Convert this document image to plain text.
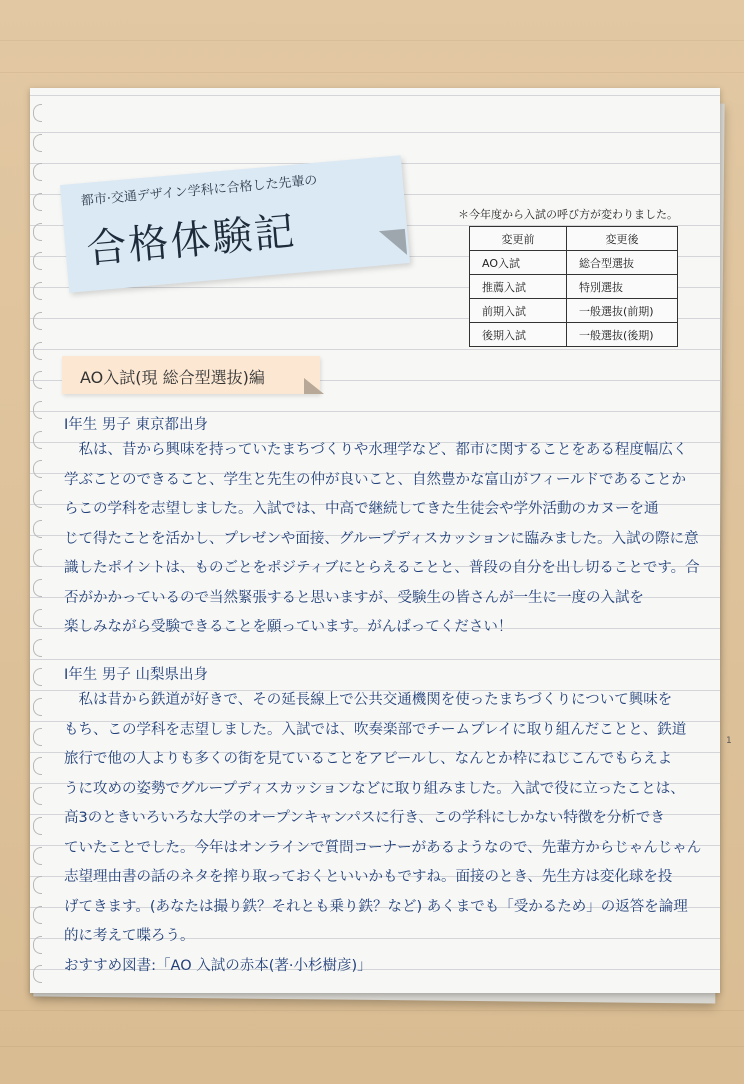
都市·交通デザイン学科に合格した先輩の
合格体験記	＊今年度から入試の呼び方が変わりました。
変更前	変更後
AO入試	総合型選抜
推薦入試	特別選抜
前期入試	一般選抜(前期)
後期入試	一般選抜(後期)
AO入試(現 総合型選抜)編
Ⅰ年生 男子 東京都出身
　私は、昔から興味を持っていたまちづくりや水理学など、都市に関することをある程度幅広く
学ぶことのできること、学生と先生の仲が良いこと、自然豊かな富山がフィールドであることか
らこの学科を志望しました。入試では、中高で継続してきた生徒会や学外活動のカヌーを通
じて得たことを活かし、プレゼンや面接、グループディスカッションに臨みました。入試の際に意
識したポイントは、ものごとをポジティブにとらえることと、普段の自分を出し切ることです。合
否がかかっているので当然緊張すると思いますが、受験生の皆さんが一生に一度の入試を
楽しみながら受験できることを願っています。がんばってください！
Ⅰ年生 男子 山梨県出身
　私は昔から鉄道が好きで、その延長線上で公共交通機関を使ったまちづくりについて興味を
もち、この学科を志望しました。入試では、吹奏楽部でチームプレイに取り組んだことと、鉄道
旅行で他の人よりも多くの街を見ていることをアピールし、なんとか枠にねじこんでもらえよ
うに攻めの姿勢でグループディスカッションなどに取り組みました。入試で役に立ったことは、
高3のときいろいろな大学のオープンキャンパスに行き、この学科にしかない特徴を分析でき
ていたことでした。今年はオンラインで質問コーナーがあるようなので、先輩方からじゃんじゃん
志望理由書の話のネタを搾り取っておくといいかもですね。面接のとき、先生方は変化球を投
げてきます。(あなたは撮り鉄？それとも乗り鉄？など) あくまでも「受かるため」の返答を論理
的に考えて喋ろう。
おすすめ図書:「AO 入試の赤本(著·小杉樹彦)」
1
